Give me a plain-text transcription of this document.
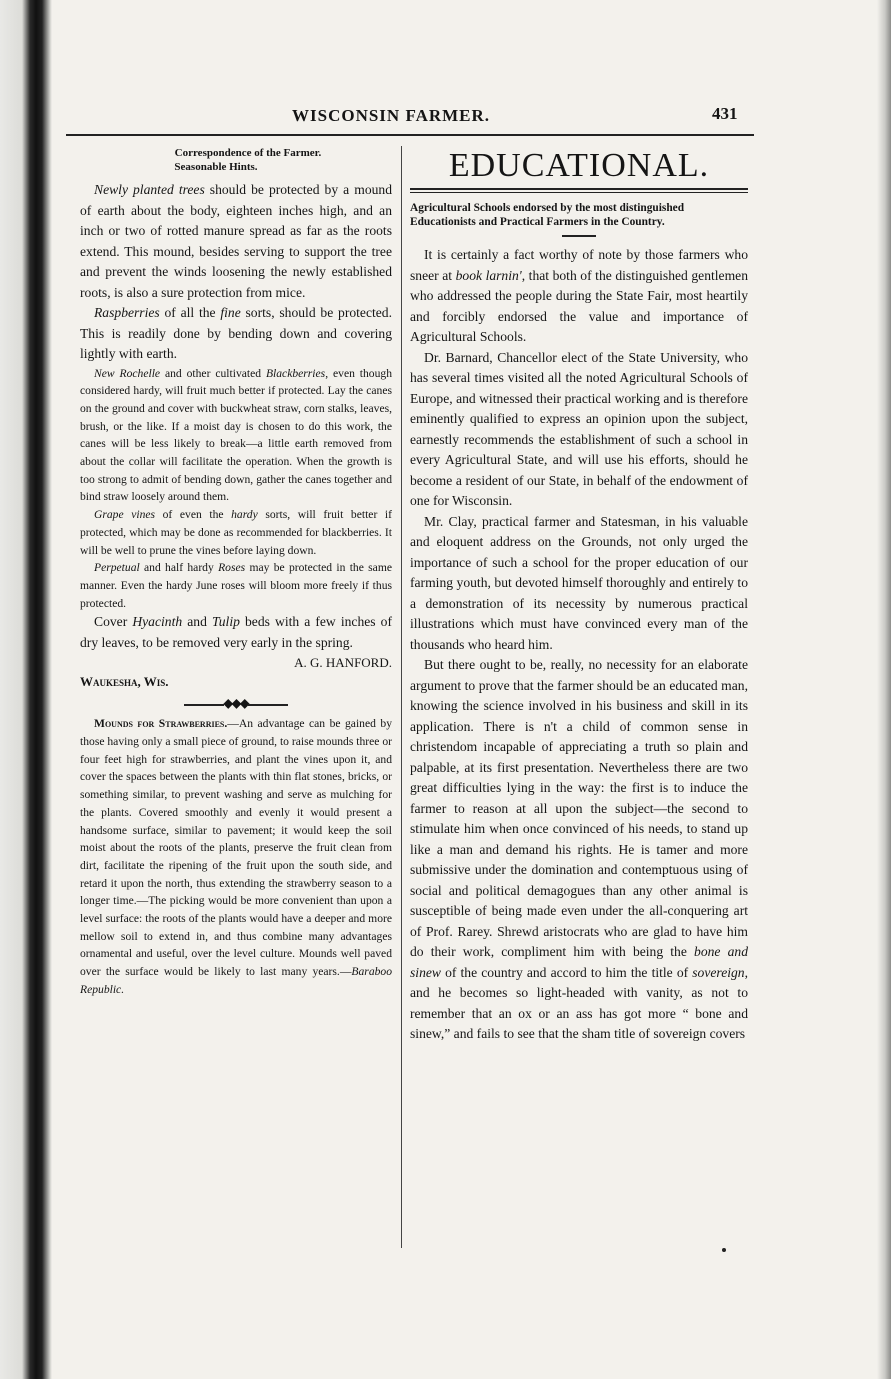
WISCONSIN FARMER.	431
Correspondence of the Farmer.
Seasonable Hints.

Newly planted trees should be protected by a mound of earth about the body, eighteen inches high, and an inch or two of rotted manure spread as far as the roots extend. This mound, besides serving to support the tree and prevent the winds loosening the newly established roots, is also a sure protection from mice.

Raspberries of all the fine sorts, should be protected. This is readily done by bending down and covering lightly with earth.

New Rochelle and other cultivated Blackberries, even though considered hardy, will fruit much better if protected. Lay the canes on the ground and cover with buckwheat straw, corn stalks, leaves, brush, or the like. If a moist day is chosen to do this work, the canes will be less likely to break—a little earth removed from about the collar will facilitate the operation. When the growth is too strong to admit of bending down, gather the canes together and bind straw loosely around them.

Grape vines of even the hardy sorts, will fruit better if protected, which may be done as recommended for blackberries. It will be well to prune the vines before laying down.

Perpetual and half hardy Roses may be protected in the same manner. Even the hardy June roses will bloom more freely if thus protected.

Cover Hyacinth and Tulip beds with a few inches of dry leaves, to be removed very early in the spring.

A. G. HANFORD.
Waukesha, Wis.
◆◆◆

Mounds for Strawberries.—An advantage can be gained by those having only a small piece of ground, to raise mounds three or four feet high for strawberries, and plant the vines upon it, and cover the spaces between the plants with thin flat stones, bricks, or something similar, to prevent washing and serve as mulching for the plants. Covered smoothly and evenly it would present a handsome surface, similar to pavement; it would keep the soil moist about the roots of the plants, preserve the fruit clean from dirt, facilitate the ripening of the fruit upon the south side, and retard it upon the north, thus extending the strawberry season to a longer time.—The picking would be more convenient than upon a level surface: the roots of the plants would have a deeper and more mellow soil to extend in, and thus combine many advantages ornamental and useful, over the level culture. Mounds well paved over the surface would be likely to last many years.—Baraboo Republic.

EDUCATIONAL.
Agricultural Schools endorsed by the most distinguished Educationists and Practical Farmers in the Country.

It is certainly a fact worthy of note by those farmers who sneer at book larnin', that both of the distinguished gentlemen who addressed the people during the State Fair, most heartily and forcibly endorsed the value and importance of Agricultural Schools.

Dr. Barnard, Chancellor elect of the State University, who has several times visited all the noted Agricultural Schools of Europe, and witnessed their practical working and is therefore eminently qualified to express an opinion upon the subject, earnestly recommends the establishment of such a school in every Agricultural State, and will use his efforts, should he become a resident of our State, in behalf of the endowment of one for Wisconsin.

Mr. Clay, practical farmer and Statesman, in his valuable and eloquent address on the Grounds, not only urged the importance of such a school for the proper education of our farming youth, but devoted himself thoroughly and entirely to a demonstration of its necessity by numerous practical illustrations which must have convinced every man of the thousands who heard him.

But there ought to be, really, no necessity for an elaborate argument to prove that the farmer should be an educated man, knowing the science involved in his business and skill in its application. There is n't a child of common sense in christendom incapable of appreciating a truth so plain and palpable, at its first presentation. Nevertheless there are two great difficulties lying in the way: the first is to induce the farmer to reason at all upon the subject—the second to stimulate him when once convinced of his needs, to stand up like a man and demand his rights. He is tamer and more submissive under the domination and contemptuous using of social and political demagogues than any other animal is susceptible of being made even under the all-conquering art of Prof. Rarey. Shrewd aristocrats who are glad to have him do their work, compliment him with being the bone and sinew of the country and accord to him the title of sovereign, and he becomes so light-headed with vanity, as not to remember that an ox or an ass has got more “ bone and sinew,” and fails to see that the sham title of sovereign covers
